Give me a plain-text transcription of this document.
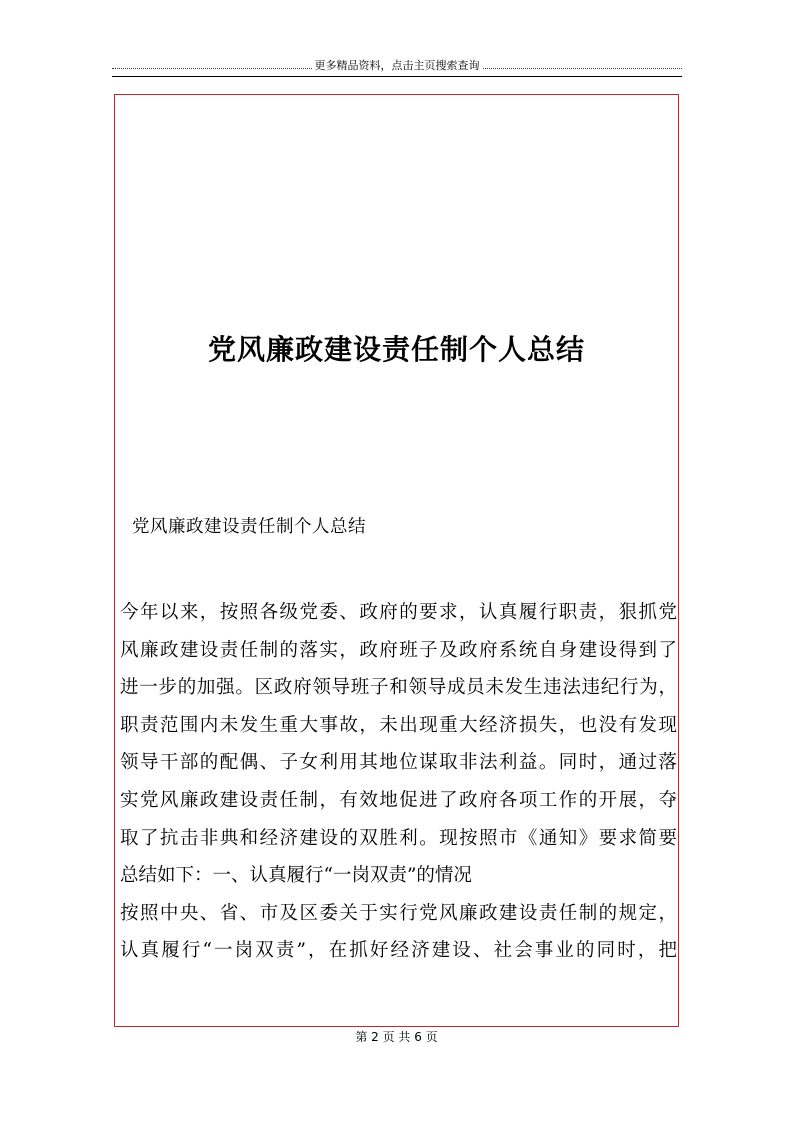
更多精品资料，点击主页搜索查询
党风廉政建设责任制个人总结
党风廉政建设责任制个人总结
今年以来，按照各级党委、政府的要求，认真履行职责，狠抓党
风廉政建设责任制的落实，政府班子及政府系统自身建设得到了
进一步的加强。区政府领导班子和领导成员未发生违法违纪行为，
职责范围内未发生重大事故，未出现重大经济损失，也没有发现
领导干部的配偶、子女利用其地位谋取非法利益。同时，通过落
实党风廉政建设责任制，有效地促进了政府各项工作的开展，夺
取了抗击非典和经济建设的双胜利。现按照市《通知》要求简要
总结如下：一、认真履行“一岗双责”的情况
按照中央、省、市及区委关于实行党风廉政建设责任制的规定，
认真履行“一岗双责”，在抓好经济建设、社会事业的同时，把
第 2 页 共 6 页
